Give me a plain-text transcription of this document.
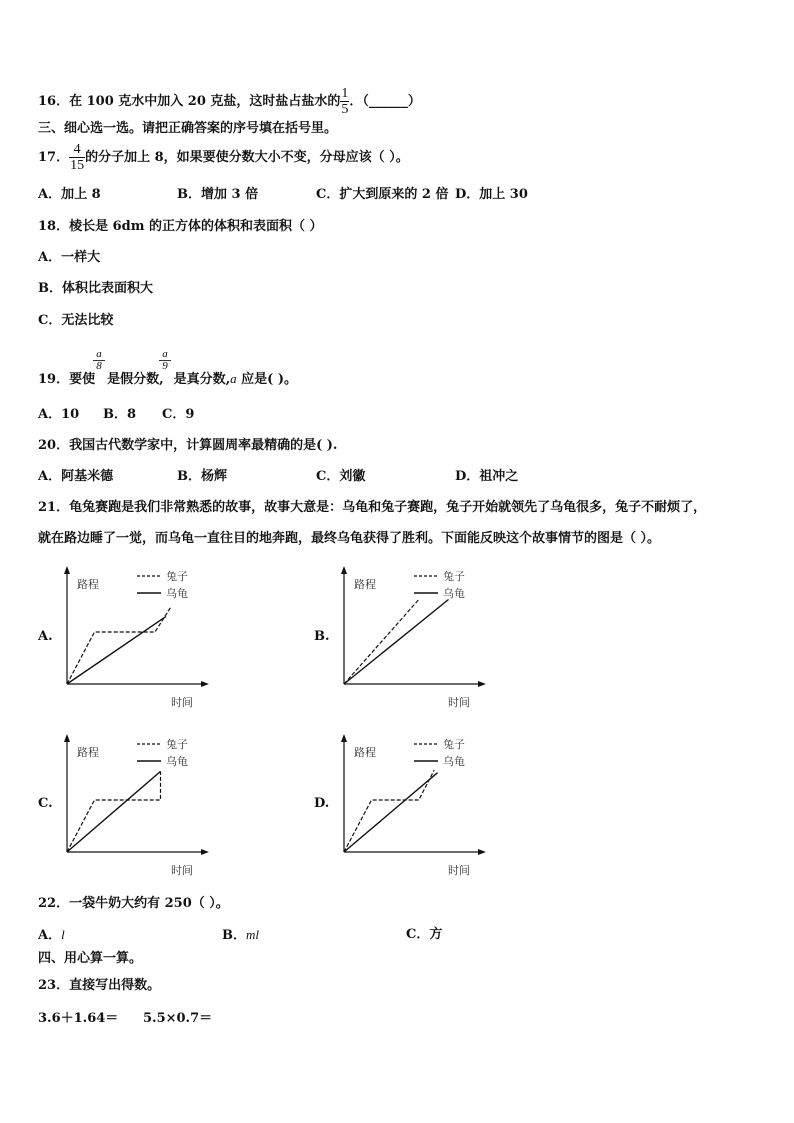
16．在 100 克水中加入 20 克盐，这时盐占盐水的 $\frac{1}{5}$ ．（______）
三、细心选一选。请把正确答案的序号填在括号里。
17． $\frac{4}{15}$ 的分子加上 8，如果要使分数大小不变，分母应该（ ）。
A．加上 8	B．增加 3 倍	C．扩大到原来的 2 倍 D．加上 30
18．棱长是 6dm 的正方体的体积和表面积（ ）
A．一样大
B．体积比表面积大
C．无法比较
a
8
a
9
19．要使 是假分数, 是真分数,a 应是( )。
A．10 B．8 C．9
20．我国古代数学家中，计算圆周率最精确的是( ).
A．阿基米德	B．杨辉	C．刘徽	D．祖冲之
21．龟兔赛跑是我们非常熟悉的故事，故事大意是：乌龟和兔子赛跑，兔子开始就领先了乌龟很多，兔子不耐烦了，
就在路边睡了一觉，而乌龟一直往目的地奔跑，最终乌龟获得了胜利。下面能反映这个故事情节的图是（ ）。
A.	B.
C.	D.
路程
时间
兔子
乌龟
路程
时间
兔子
乌龟
路程
时间
兔子
乌龟
路程
时间
兔子
乌龟
22．一袋牛奶大约有 250（ ）。
A．l	B．ml	C．方
四、用心算一算。
23．直接写出得数。
3.6＋1.64＝ 5.5×0.7＝
